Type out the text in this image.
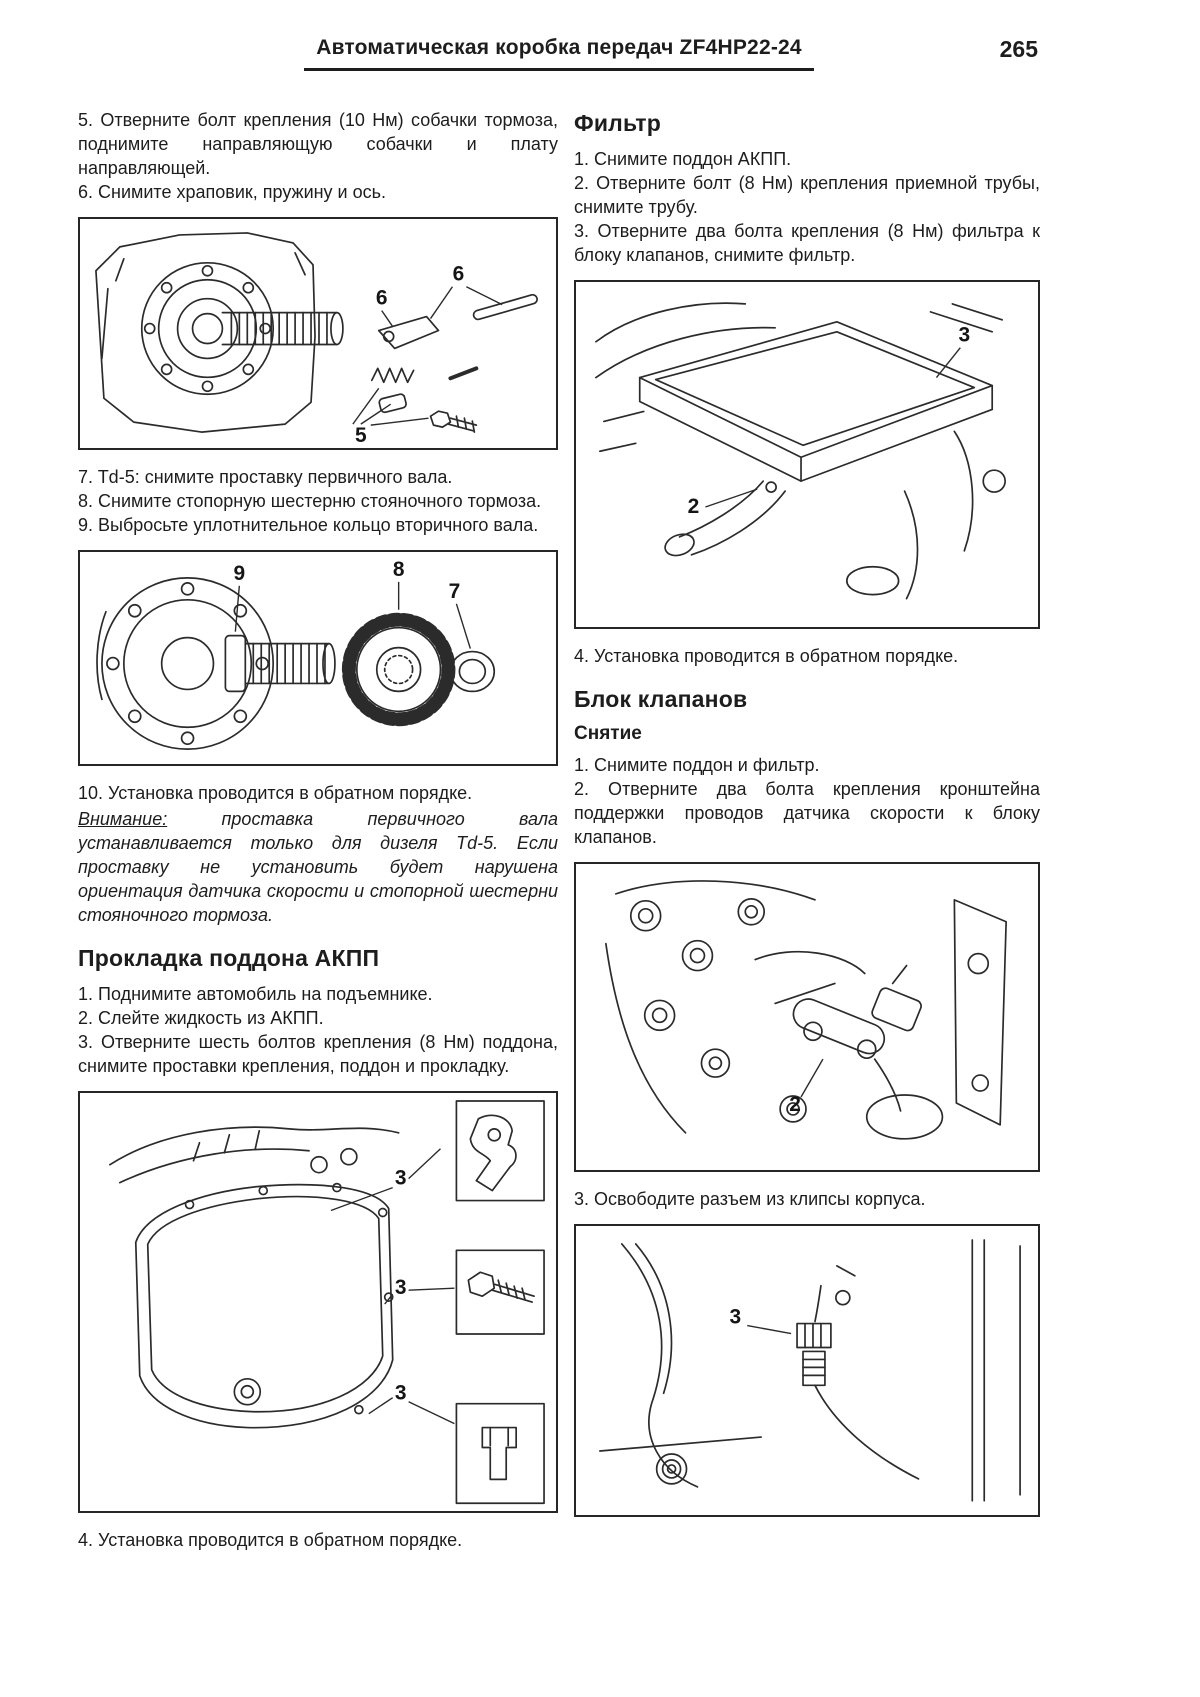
Автоматическая коробка передач ZF4HP22-24	265

5. Отверните болт крепления (10 Нм) собачки тормоза, поднимите направляющую собачки и плату направляющей.

6. Снимите храповик, пружину и ось.

6
6
5

7. Td-5: снимите проставку первичного вала.

8. Снимите стопорную шестерню стояночного тормоза.

9. Выбросьте уплотнительное кольцо вторичного вала.

9	8
7

10. Установка проводится в обратном порядке.

Внимание:	проставка первичного вала устанавливается только для дизеля Td-5. Если проставку не установить будет нарушена ориентация датчика скорости и стопорной шестерни стояночного тормоза.

Прокладка поддона АКПП

1. Поднимите автомобиль на подъемнике.

2. Слейте жидкость из АКПП.

3. Отверните шесть болтов крепления (8 Нм) поддона, снимите проставки крепления, поддон и прокладку.

3
3
3

4. Установка проводится в обратном порядке.

Фильтр

1. Снимите поддон АКПП.

2. Отверните болт (8 Нм) крепления приемной трубы, снимите трубу.

3. Отверните два болта крепления (8 Нм) фильтра к блоку клапанов, снимите фильтр.

3
2

4. Установка проводится в обратном порядке.

Блок клапанов
Снятие

1. Снимите поддон и фильтр.

2. Отверните два болта крепления кронштейна поддержки проводов датчика скорости к блоку клапанов.

2

3. Освободите разъем из клипсы корпуса.

3
